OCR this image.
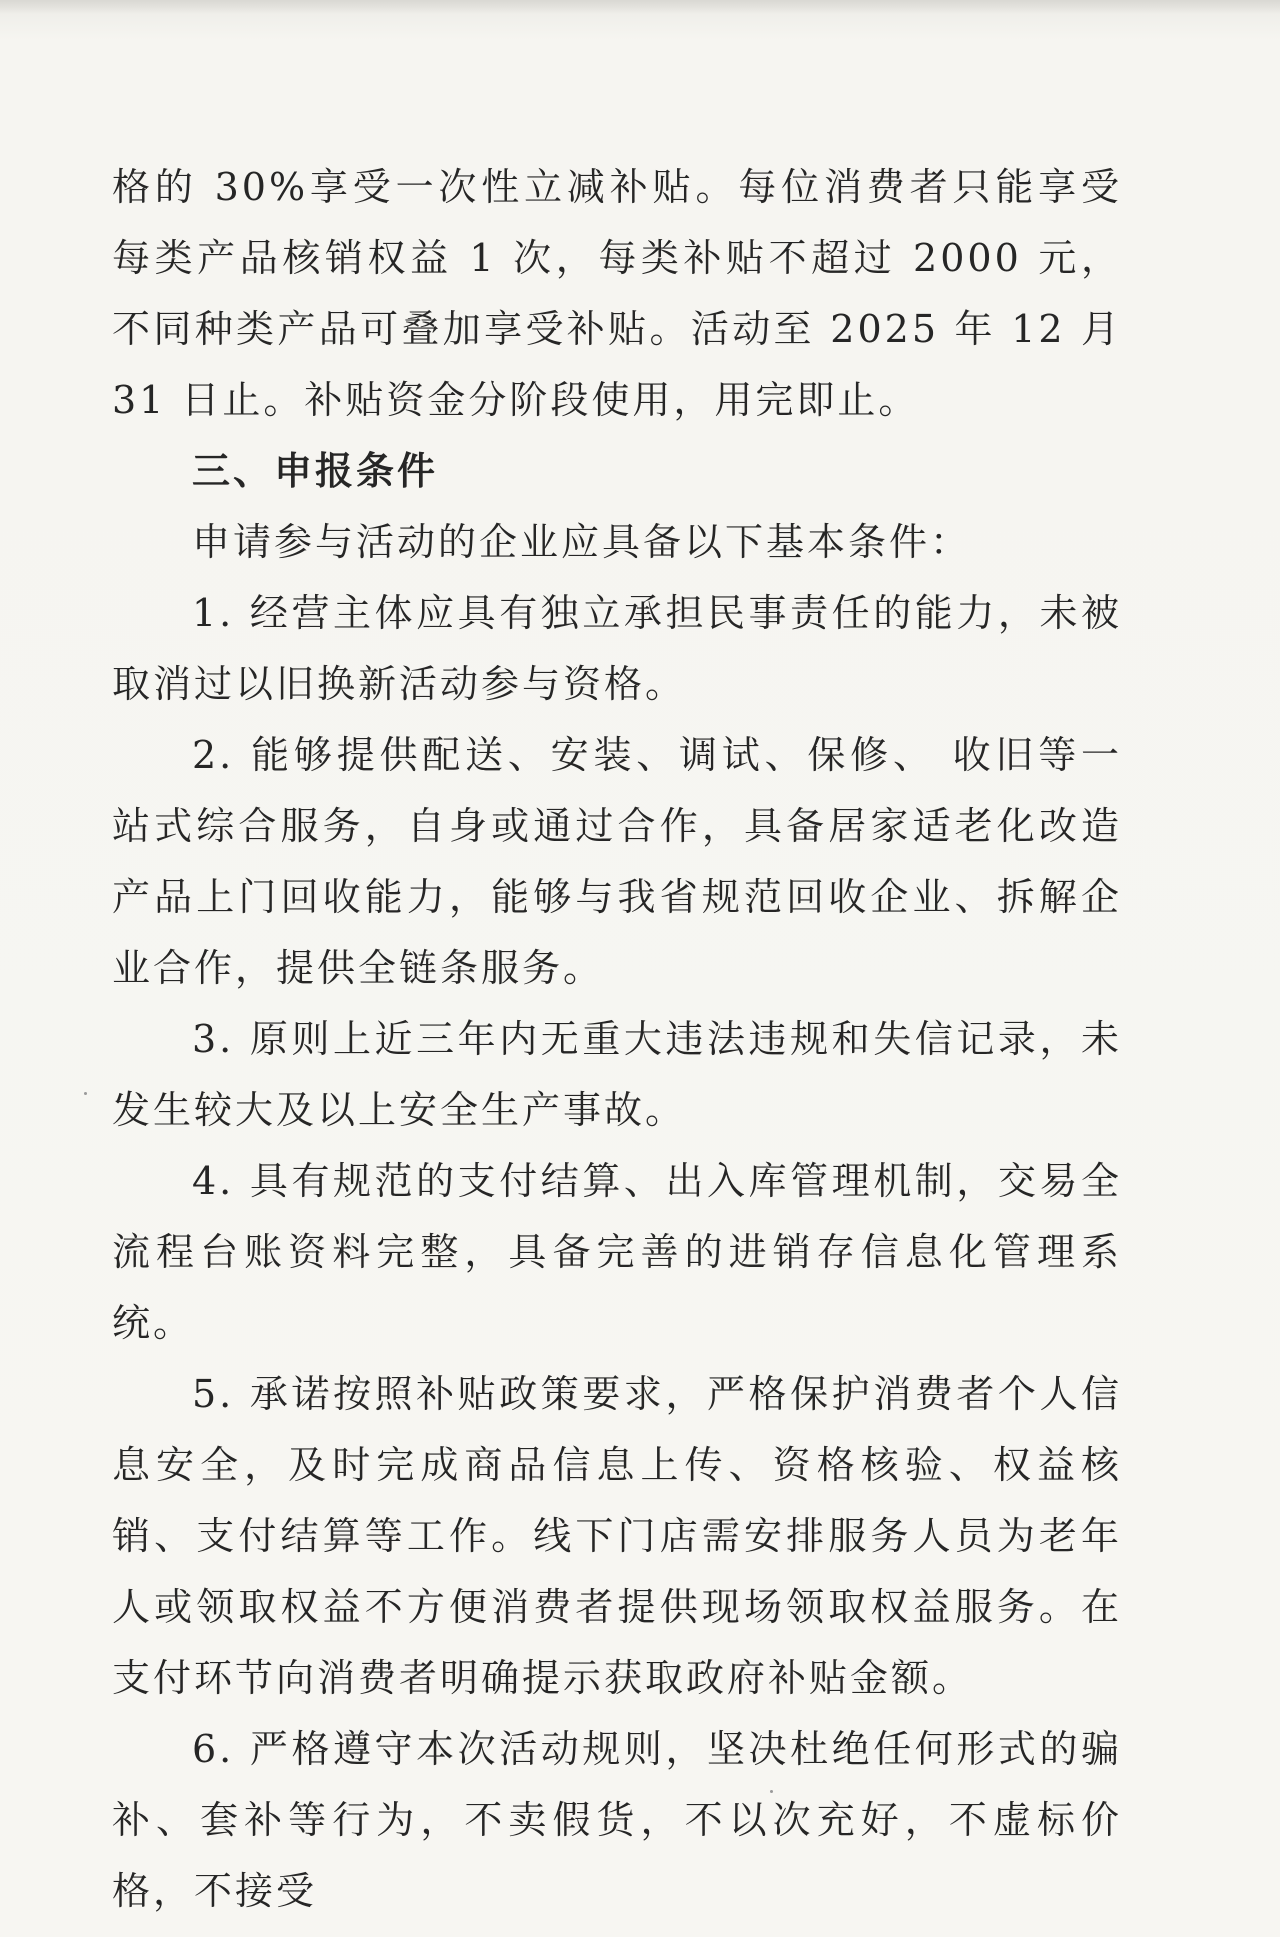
格的 30%享受一次性立减补贴。每位消费者只能享受每类产品核销权益 1 次，每类补贴不超过 2000 元，不同种类产品可叠加享受补贴。活动至 2025 年 12 月 31 日止。补贴资金分阶段使用，用完即止。

三、申报条件

申请参与活动的企业应具备以下基本条件：

1. 经营主体应具有独立承担民事责任的能力，未被取消过以旧换新活动参与资格。

2. 能够提供配送、安装、调试、保修、 收旧等一站式综合服务，自身或通过合作，具备居家适老化改造产品上门回收能力，能够与我省规范回收企业、拆解企业合作，提供全链条服务。

3. 原则上近三年内无重大违法违规和失信记录，未发生较大及以上安全生产事故。

4. 具有规范的支付结算、出入库管理机制，交易全流程台账资料完整，具备完善的进销存信息化管理系统。

5. 承诺按照补贴政策要求，严格保护消费者个人信息安全，及时完成商品信息上传、资格核验、权益核销、支付结算等工作。线下门店需安排服务人员为老年人或领取权益不方便消费者提供现场领取权益服务。在支付环节向消费者明确提示获取政府补贴金额。

6. 严格遵守本次活动规则，坚决杜绝任何形式的骗补、套补等行为，不卖假货，不以次充好，不虚标价格，不接受
